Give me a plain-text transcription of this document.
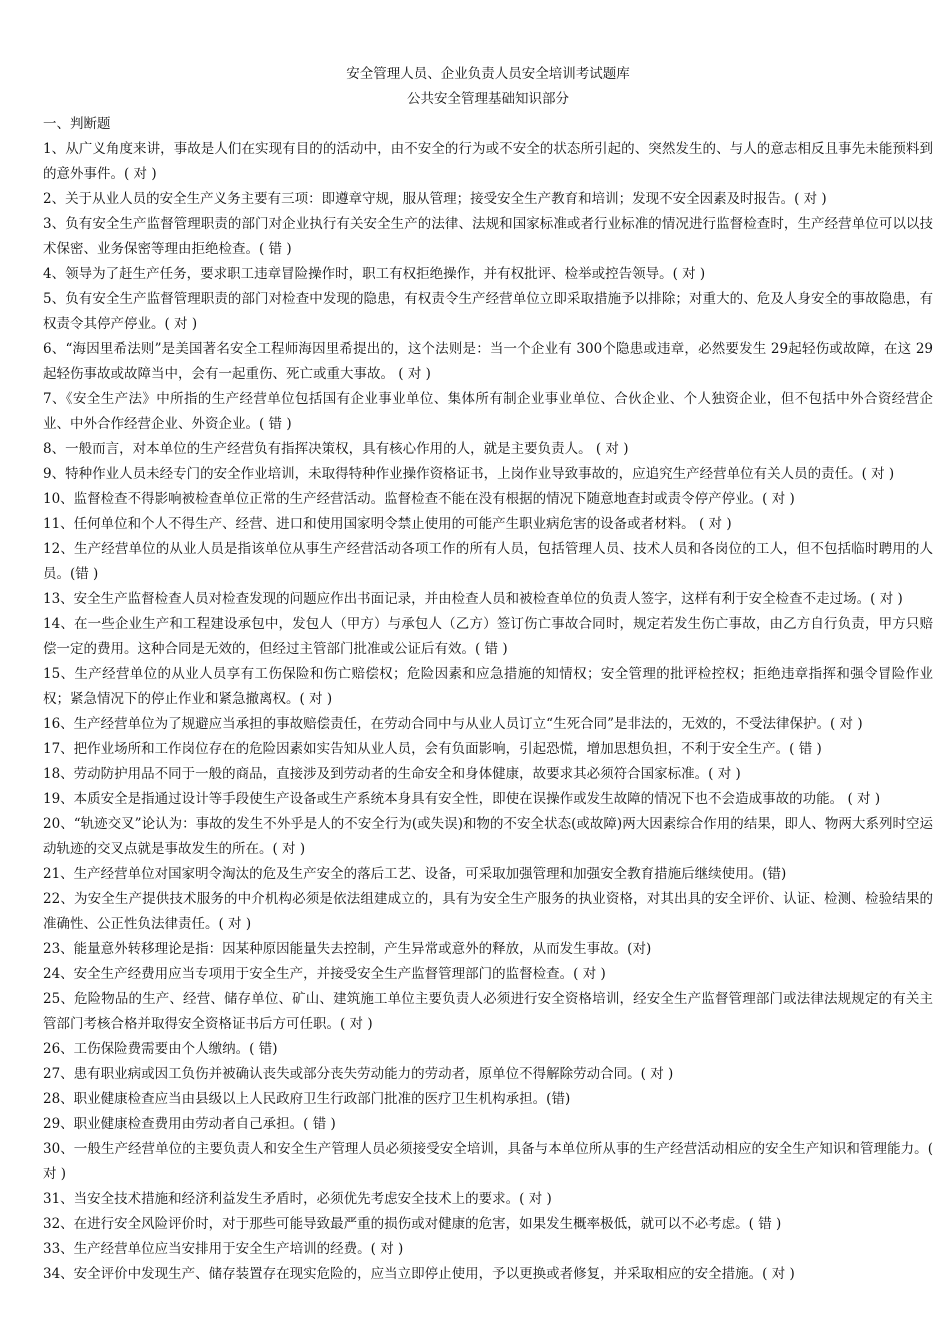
安全管理人员、企业负责人员安全培训考试题库

公共安全管理基础知识部分

一、判断题

1、从广义角度来讲，事故是人们在实现有目的的活动中，由不安全的行为或不安全的状态所引起的、突然发生的、与人的意志相反且事先未能预料到的意外事件。( 对 )

2、关于从业人员的安全生产义务主要有三项：即遵章守规，服从管理；接受安全生产教育和培训；发现不安全因素及时报告。( 对 )

3、负有安全生产监督管理职责的部门对企业执行有关安全生产的法律、法规和国家标准或者行业标准的情况进行监督检查时，生产经营单位可以以技术保密、业务保密等理由拒绝检查。( 错 )

4、领导为了赶生产任务，要求职工违章冒险操作时，职工有权拒绝操作，并有权批评、检举或控告领导。( 对 )

5、负有安全生产监督管理职责的部门对检查中发现的隐患，有权责令生产经营单位立即采取措施予以排除；对重大的、危及人身安全的事故隐患，有权责令其停产停业。( 对 )

6、“海因里希法则”是美国著名安全工程师海因里希提出的，这个法则是：当一个企业有 300个隐患或违章，必然要发生 29起轻伤或故障，在这 29起轻伤事故或故障当中，会有一起重伤、死亡或重大事故。 ( 对 )

7、《安全生产法》中所指的生产经营单位包括国有企业事业单位、集体所有制企业事业单位、合伙企业、个人独资企业，但不包括中外合资经营企业、中外合作经营企业、外资企业。( 错 )

8、一般而言，对本单位的生产经营负有指挥决策权，具有核心作用的人，就是主要负责人。 ( 对 )

9、特种作业人员未经专门的安全作业培训，未取得特种作业操作资格证书，上岗作业导致事故的，应追究生产经营单位有关人员的责任。( 对 )

10、监督检查不得影响被检查单位正常的生产经营活动。监督检查不能在没有根据的情况下随意地查封或责令停产停业。( 对 )

11、任何单位和个人不得生产、经营、进口和使用国家明令禁止使用的可能产生职业病危害的设备或者材料。 ( 对 )

12、生产经营单位的从业人员是指该单位从事生产经营活动各项工作的所有人员，包括管理人员、技术人员和各岗位的工人，但不包括临时聘用的人员。(错 )

13、安全生产监督检查人员对检查发现的问题应作出书面记录，并由检查人员和被检查单位的负责人签字，这样有利于安全检查不走过场。( 对 )

14、在一些企业生产和工程建设承包中，发包人（甲方）与承包人（乙方）签订伤亡事故合同时，规定若发生伤亡事故，由乙方自行负责，甲方只赔偿一定的费用。这种合同是无效的，但经过主管部门批准或公证后有效。( 错 )

15、生产经营单位的从业人员享有工伤保险和伤亡赔偿权；危险因素和应急措施的知情权；安全管理的批评检控权；拒绝违章指挥和强令冒险作业权；紧急情况下的停止作业和紧急撤离权。( 对 )

16、生产经营单位为了规避应当承担的事故赔偿责任，在劳动合同中与从业人员订立“生死合同”是非法的，无效的，不受法律保护。( 对 )

17、把作业场所和工作岗位存在的危险因素如实告知从业人员，会有负面影响，引起恐慌，增加思想负担，不利于安全生产。( 错 )

18、劳动防护用品不同于一般的商品，直接涉及到劳动者的生命安全和身体健康，故要求其必须符合国家标准。( 对 )

19、本质安全是指通过设计等手段使生产设备或生产系统本身具有安全性，即使在误操作或发生故障的情况下也不会造成事故的功能。 ( 对 )

20、“轨迹交叉”论认为：事故的发生不外乎是人的不安全行为(或失误)和物的不安全状态(或故障)两大因素综合作用的结果，即人、物两大系列时空运动轨迹的交叉点就是事故发生的所在。( 对 )

21、生产经营单位对国家明令淘汰的危及生产安全的落后工艺、设备，可采取加强管理和加强安全教育措施后继续使用。(错)

22、为安全生产提供技术服务的中介机构必须是依法组建成立的，具有为安全生产服务的执业资格，对其出具的安全评价、认证、检测、检验结果的准确性、公正性负法律责任。( 对 )

23、能量意外转移理论是指：因某种原因能量失去控制，产生异常或意外的释放，从而发生事故。(对)

24、安全生产经费用应当专项用于安全生产，并接受安全生产监督管理部门的监督检查。( 对 )

25、危险物品的生产、经营、储存单位、矿山、建筑施工单位主要负责人必须进行安全资格培训，经安全生产监督管理部门或法律法规规定的有关主管部门考核合格并取得安全资格证书后方可任职。( 对 )

26、工伤保险费需要由个人缴纳。( 错)

27、患有职业病或因工负伤并被确认丧失或部分丧失劳动能力的劳动者，原单位不得解除劳动合同。( 对 )

28、职业健康检查应当由县级以上人民政府卫生行政部门批准的医疗卫生机构承担。(错)

29、职业健康检查费用由劳动者自己承担。( 错 )

30、一般生产经营单位的主要负责人和安全生产管理人员必须接受安全培训，具备与本单位所从事的生产经营活动相应的安全生产知识和管理能力。( 对 )

31、当安全技术措施和经济利益发生矛盾时，必须优先考虑安全技术上的要求。( 对 )

32、在进行安全风险评价时，对于那些可能导致最严重的损伤或对健康的危害，如果发生概率极低，就可以不必考虑。( 错 )

33、生产经营单位应当安排用于安全生产培训的经费。( 对 )

34、安全评价中发现生产、储存装置存在现实危险的，应当立即停止使用，予以更换或者修复，并采取相应的安全措施。( 对 )
